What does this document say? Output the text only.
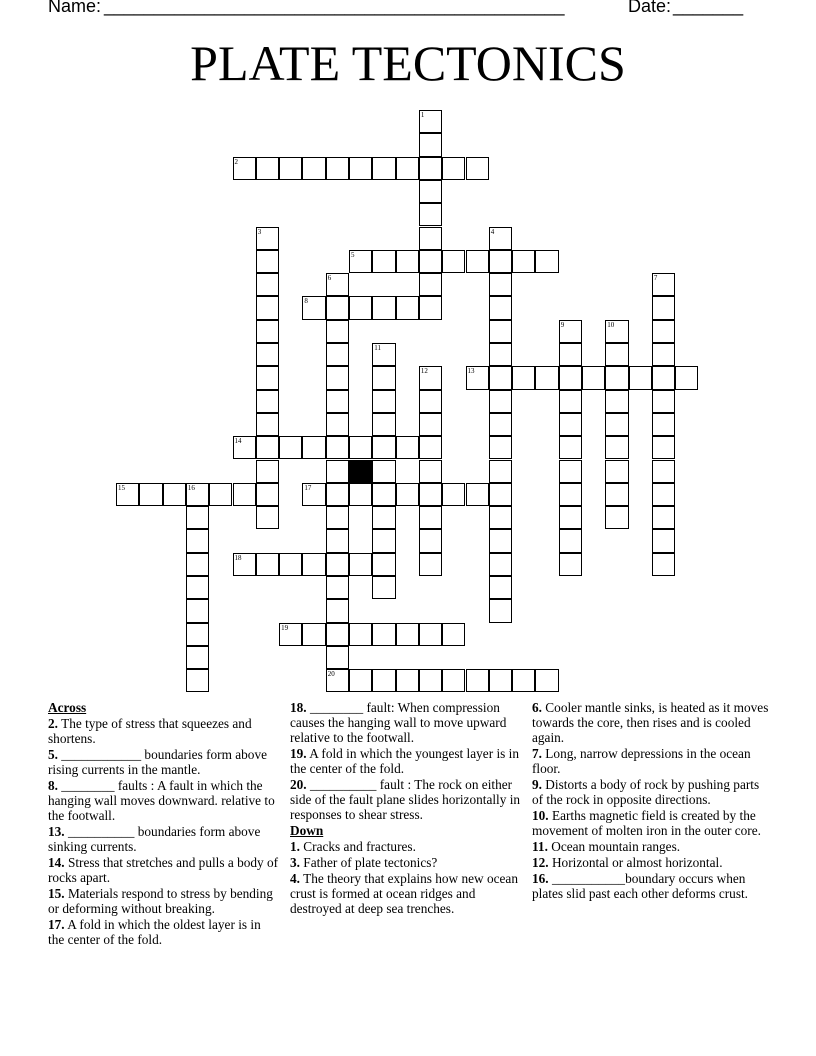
Name: ______________________________________________	Date: _______
PLATE TECTONICS
1
2
3	4
5
6	7
8
9	10
11
12	13
14
15	16	17
18
19
20
Across
2. The type of stress that squeezes and shortens.
5. ____________ boundaries form above rising currents in the mantle.
8. ________ faults : A fault in which the hanging wall moves downward. relative to the footwall.
13. __________ boundaries form above sinking currents.
14. Stress that stretches and pulls a body of rocks apart.
15. Materials respond to stress by bending or deforming without breaking.
17. A fold in which the oldest layer is in the center of the fold.
18. ________ fault: When compression causes the hanging wall to move upward relative to the footwall.
19. A fold in which the youngest layer is in the center of the fold.
20. __________ fault : The rock on either side of the fault plane slides horizontally in responses to shear stress.
Down
1. Cracks and fractures.
3. Father of plate tectonics?
4. The theory that explains how new ocean crust is formed at ocean ridges and destroyed at deep sea trenches.
6. Cooler mantle sinks, is heated as it moves towards the core, then rises and is cooled again.
7. Long, narrow depressions in the ocean floor.
9. Distorts a body of rock by pushing parts of the rock in opposite directions.
10. Earths magnetic field is created by the movement of molten iron in the outer core.
11. Ocean mountain ranges.
12. Horizontal or almost horizontal.
16. ___________boundary occurs when plates slid past each other deforms crust.
